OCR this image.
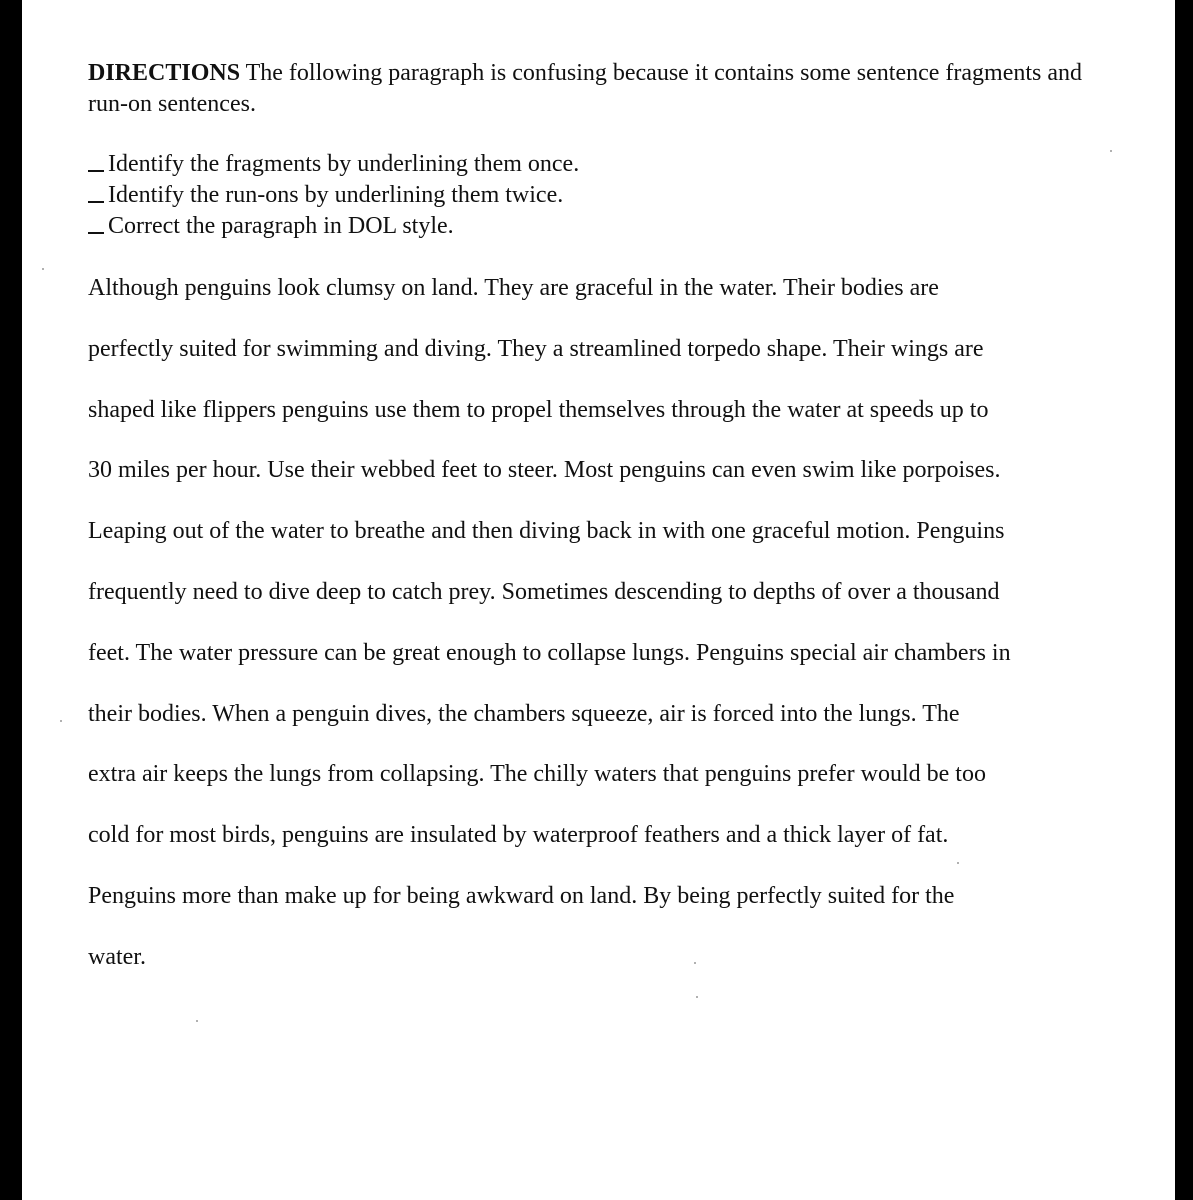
DIRECTIONS The following paragraph is confusing because it contains some sentence fragments and run-on sentences.
Identify the fragments by underlining them once.
Identify the run-ons by underlining them twice.
Correct the paragraph in DOL style.
Although penguins look clumsy on land. They are graceful in the water. Their bodies are
perfectly suited for swimming and diving. They a streamlined torpedo shape. Their wings are
shaped like flippers penguins use them to propel themselves through the water at speeds up to
30 miles per hour. Use their webbed feet to steer. Most penguins can even swim like porpoises.
Leaping out of the water to breathe and then diving back in with one graceful motion. Penguins
frequently need to dive deep to catch prey. Sometimes descending to depths of over a thousand
feet. The water pressure can be great enough to collapse lungs. Penguins special air chambers in
their bodies. When a penguin dives, the chambers squeeze, air is forced into the lungs. The
extra air keeps the lungs from collapsing. The chilly waters that penguins prefer would be too
cold for most birds, penguins are insulated by waterproof feathers and a thick layer of fat.
Penguins more than make up for being awkward on land. By being perfectly suited for the
water.
